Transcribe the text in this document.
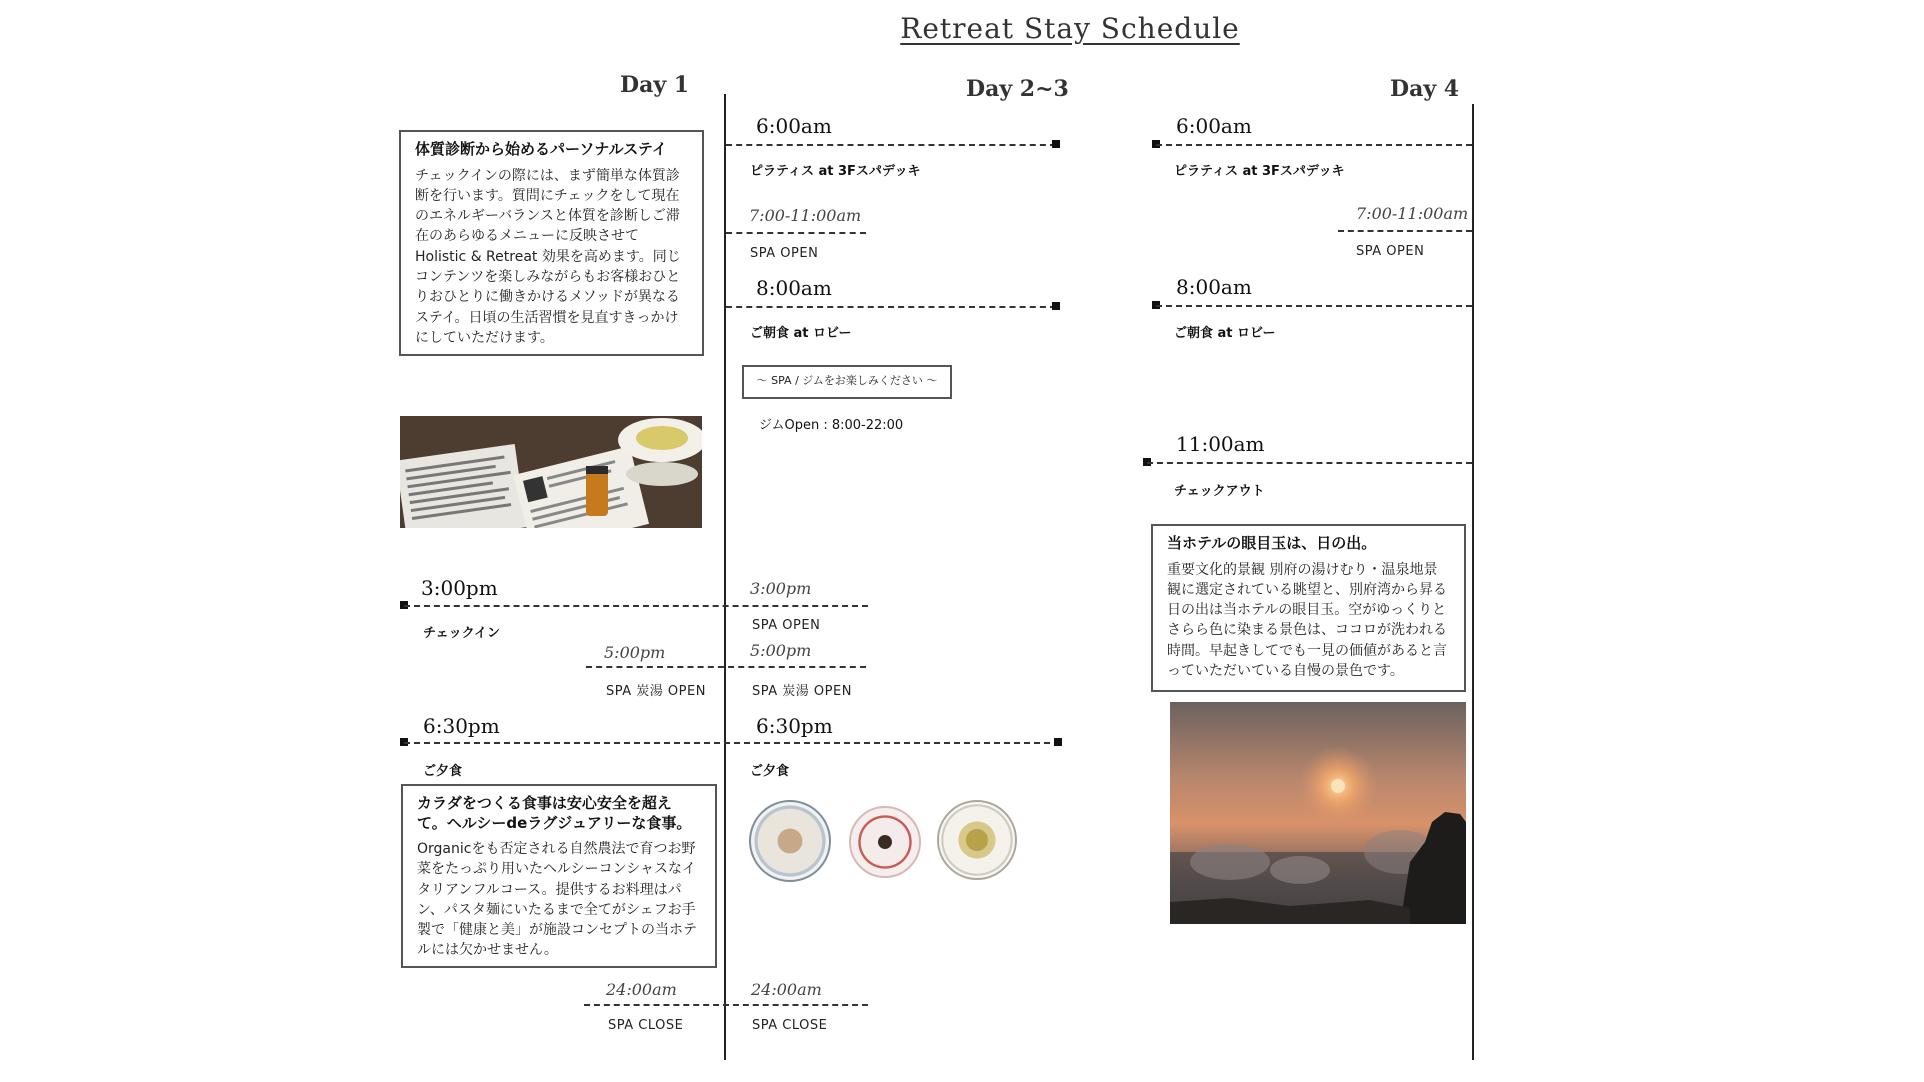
Retreat Stay Schedule
Day 1	Day 2~3	Day 4
体質診断から始めるパーソナルステイ

チェックインの際には、まず簡単な体質診断を行います。質問にチェックをして現在のエネルギーバランスと体質を診断しご滞在のあらゆるメニューに反映させてHolistic & Retreat 効果を高めます。同じコンテンツを楽しみながらもお客様おひとりおひとりに働きかけるメソッドが異なるステイ。日頃の生活習慣を見直すきっかけにしていただけます。

3:00pm
チェックイン
5:00pm
SPA 炭湯 OPEN
6:30pm
ご夕食
カラダをつくる食事は安心安全を超えて。ヘルシーdeラグジュアリーな食事。

Organicをも否定される自然農法で育つお野菜をたっぷり用いたヘルシーコンシャスなイタリアンフルコース。提供するお料理はパン、パスタ麺にいたるまで全てがシェフお手製で「健康と美」が施設コンセプトの当ホテルには欠かせません。

24:00am
SPA CLOSE
6:00am
ピラティス at 3Fスパデッキ
7:00-11:00am
SPA OPEN
8:00am
ご朝食 at ロビー
～ SPA / ジムをお楽しみください ～
ジムOpen : 8:00-22:00
3:00pm
SPA OPEN
5:00pm
SPA 炭湯 OPEN
6:30pm
ご夕食
24:00am
SPA CLOSE
6:00am
ピラティス at 3Fスパデッキ
7:00-11:00am
SPA OPEN
8:00am
ご朝食 at ロビー
11:00am
チェックアウト
当ホテルの眼目玉は、日の出。

重要文化的景観 別府の湯けむり・温泉地景観に選定されている眺望と、別府湾から昇る日の出は当ホテルの眼目玉。空がゆっくりとさらら色に染まる景色は、ココロが洗われる時間。早起きしてでも一見の価値があると言っていただいている自慢の景色です。
